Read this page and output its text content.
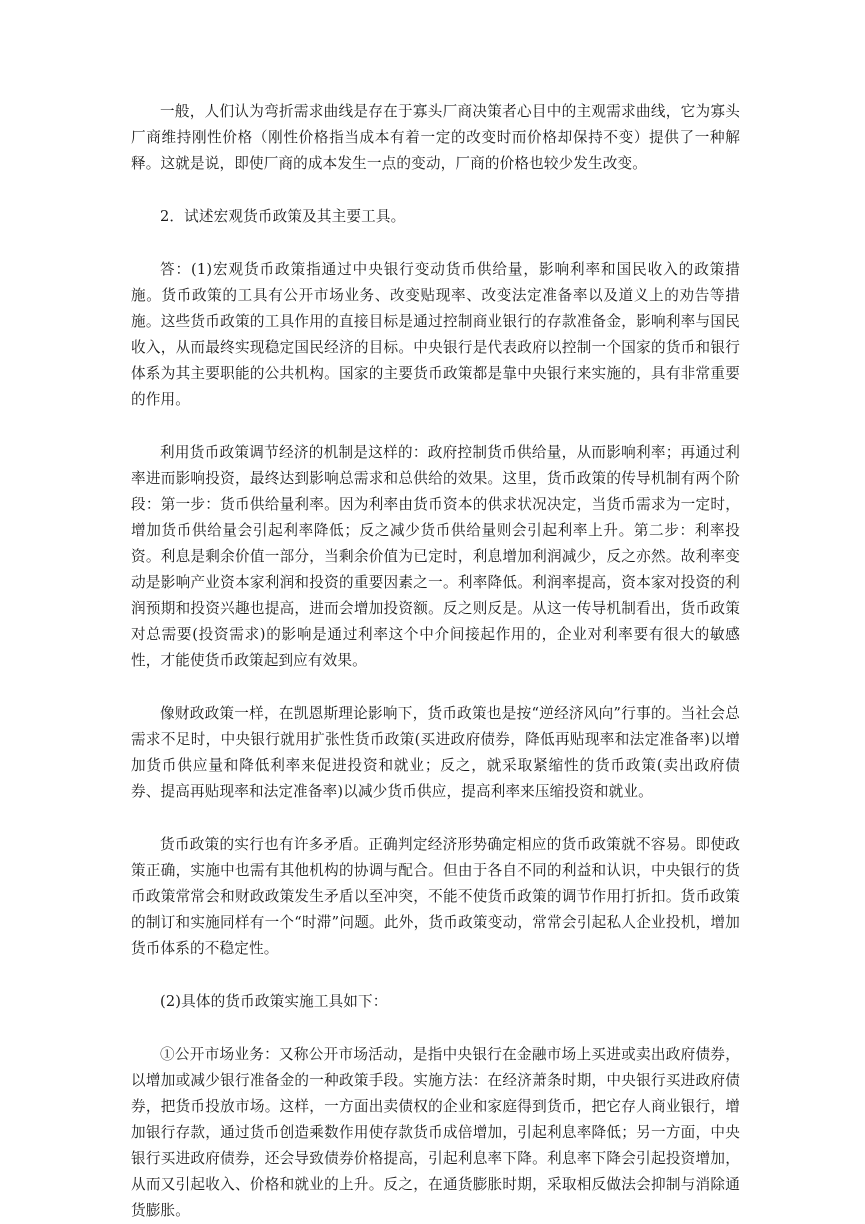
一般，人们认为弯折需求曲线是存在于寡头厂商决策者心目中的主观需求曲线，它为寡头厂商维持刚性价格（刚性价格指当成本有着一定的改变时而价格却保持不变）提供了一种解释。这就是说，即使厂商的成本发生一点的变动，厂商的价格也较少发生改变。

2．试述宏观货币政策及其主要工具。

答：(1)宏观货币政策指通过中央银行变动货币供给量，影响利率和国民收入的政策措施。货币政策的工具有公开市场业务、改变贴现率、改变法定准备率以及道义上的劝告等措施。这些货币政策的工具作用的直接目标是通过控制商业银行的存款准备金，影响利率与国民收入，从而最终实现稳定国民经济的目标。中央银行是代表政府以控制一个国家的货币和银行体系为其主要职能的公共机构。国家的主要货币政策都是靠中央银行来实施的，具有非常重要的作用。

利用货币政策调节经济的机制是这样的：政府控制货币供给量，从而影响利率；再通过利率进而影响投资，最终达到影响总需求和总供给的效果。这里，货币政策的传导机制有两个阶段：第一步：货币供给量利率。因为利率由货币资本的供求状况决定，当货币需求为一定时，增加货币供给量会引起利率降低；反之减少货币供给量则会引起利率上升。第二步：利率投资。利息是剩余价值一部分，当剩余价值为已定时，利息增加利润减少，反之亦然。故利率变动是影响产业资本家利润和投资的重要因素之一。利率降低。利润率提高，资本家对投资的利润预期和投资兴趣也提高，进而会增加投资额。反之则反是。从这一传导机制看出，货币政策对总需要(投资需求)的影响是通过利率这个中介间接起作用的，企业对利率要有很大的敏感性，才能使货币政策起到应有效果。

像财政政策一样，在凯恩斯理论影响下，货币政策也是按“逆经济风向”行事的。当社会总需求不足时，中央银行就用扩张性货币政策(买进政府债券，降低再贴现率和法定准备率)以增加货币供应量和降低利率来促进投资和就业；反之，就采取紧缩性的货币政策(卖出政府债券、提高再贴现率和法定准备率)以减少货币供应，提高利率来压缩投资和就业。

货币政策的实行也有许多矛盾。正确判定经济形势确定相应的货币政策就不容易。即使政策正确，实施中也需有其他机构的协调与配合。但由于各自不同的利益和认识，中央银行的货币政策常常会和财政政策发生矛盾以至冲突，不能不使货币政策的调节作用打折扣。货币政策的制订和实施同样有一个“时滞”问题。此外，货币政策变动，常常会引起私人企业投机，增加货币体系的不稳定性。

(2)具体的货币政策实施工具如下：

①公开市场业务：又称公开市场活动，是指中央银行在金融市场上买进或卖出政府债券，以增加或减少银行准备金的一种政策手段。实施方法：在经济萧条时期，中央银行买进政府债券，把货币投放市场。这样，一方面出卖债权的企业和家庭得到货币，把它存人商业银行，增加银行存款，通过货币创造乘数作用使存款货币成倍增加，引起利息率降低；另一方面，中央银行买进政府债券，还会导致债券价格提高，引起利息率下降。利息率下降会引起投资增加，从而又引起收入、价格和就业的上升。反之，在通货膨胀时期，采取相反做法会抑制与消除通货膨胀。
